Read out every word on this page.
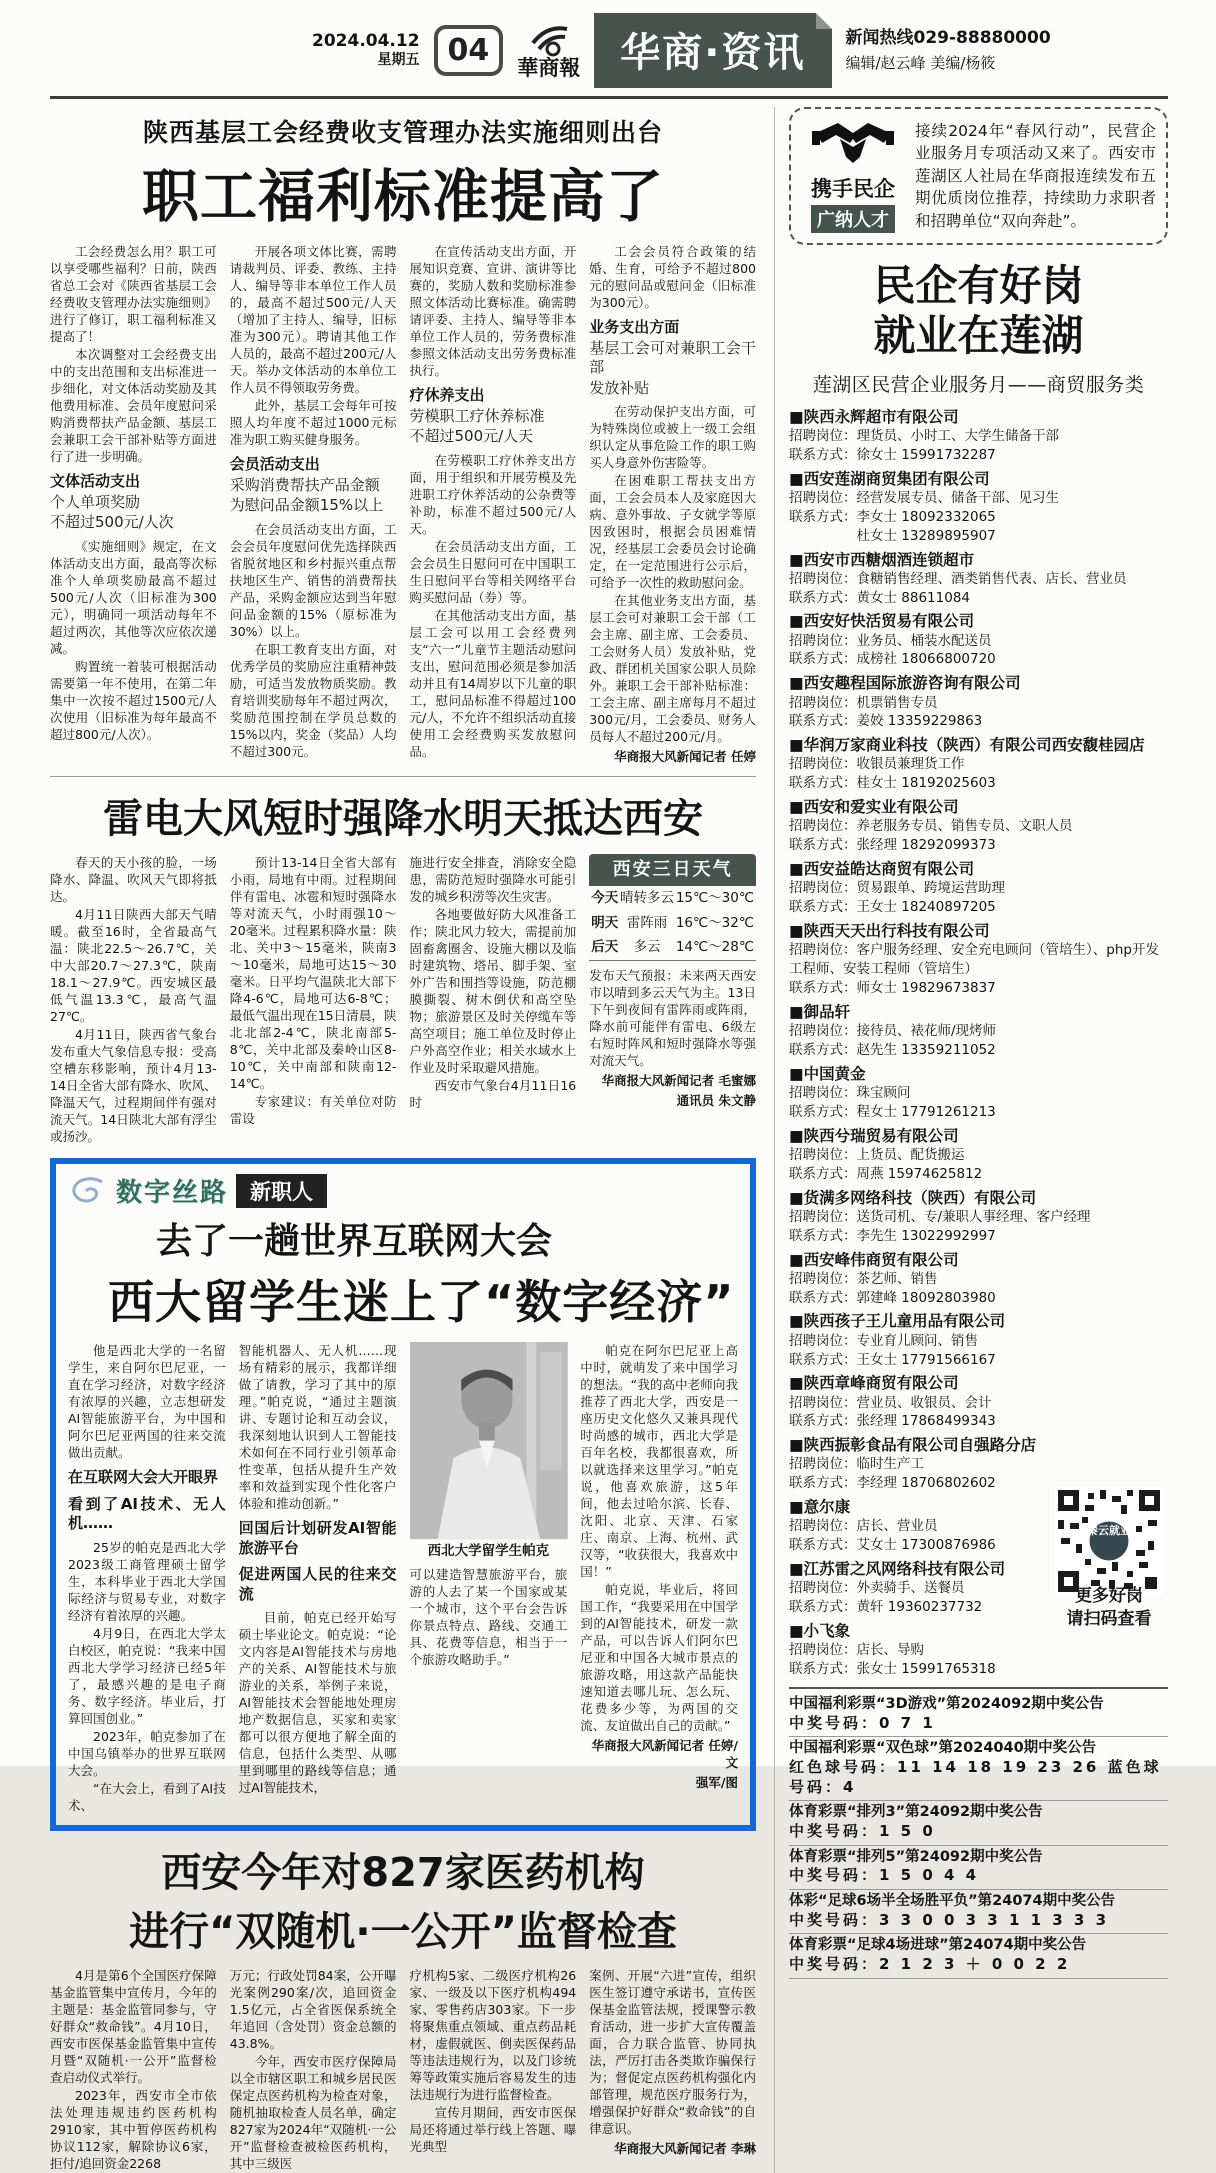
2024.04.12
星期五 04	華商報	华商·资讯	新闻热线029-88880000
编辑/赵云峰 美编/杨筱
陕西基层工会经费收支管理办法实施细则出台
职工福利标准提高了
工会经费怎么用？职工可以享受哪些福利？日前，陕西省总工会对《陕西省基层工会经费收支管理办法实施细则》进行了修订，职工福利标准又提高了！
本次调整对工会经费支出中的支出范围和支出标准进一步细化，对文体活动奖励及其他费用标准、会员年度慰问采购消费帮扶产品金额、基层工会兼职工会干部补贴等方面进行了进一步明确。
文体活动支出
个人单项奖励
不超过500元/人次
《实施细则》规定，在文体活动支出方面，最高等次标准个人单项奖励最高不超过500元/人次（旧标准为300元），明确同一项活动每年不超过两次，其他等次应依次递减。
购置统一着装可根据活动需要第一年不使用，在第二年集中一次按不超过1500元/人次使用（旧标准为每年最高不超过800元/人次）。
开展各项文体比赛，需聘请裁判员、评委、教练、主持人、编导等非本单位工作人员的，最高不超过500元/人天（增加了主持人、编导，旧标准为300元）。聘请其他工作人员的，最高不超过200元/人天。举办文体活动的本单位工作人员不得领取劳务费。
此外，基层工会每年可按照人均年度不超过1000元标准为职工购买健身服务。
会员活动支出
采购消费帮扶产品金额
为慰问品金额15%以上
在会员活动支出方面，工会会员年度慰问优先选择陕西省脱贫地区和乡村振兴重点帮扶地区生产、销售的消费帮扶产品，采购金额应达到当年慰问品金额的15%（原标准为30%）以上。
在职工教育支出方面，对优秀学员的奖励应注重精神鼓励，可适当发放物质奖励。教育培训奖励每年不超过两次，奖励范围控制在学员总数的15%以内，奖金（奖品）人均不超过300元。
在宣传活动支出方面，开展知识竞赛、宣讲、演讲等比赛的，奖励人数和奖励标准参照文体活动比赛标准。确需聘请评委、主持人、编导等非本单位工作人员的，劳务费标准参照文体活动支出劳务费标准执行。
疗休养支出
劳模职工疗休养标准
不超过500元/人天
在劳模职工疗休养支出方面，用于组织和开展劳模及先进职工疗休养活动的公杂费等补助，标准不超过500元/人天。
在会员活动支出方面，工会会员生日慰问可在中国职工生日慰问平台等相关网络平台购买慰问品（券）等。
在其他活动支出方面，基层工会可以用工会经费列支“六一”儿童节主题活动慰问支出，慰问范围必须是参加活动并且有14周岁以下儿童的职工，慰问品标准不得超过100元/人，不允许不组织活动直接使用工会经费购买发放慰问品。
工会会员符合政策的结婚、生育，可给予不超过800元的慰问品或慰问金（旧标准为300元）。
业务支出方面
基层工会可对兼职工会干部
发放补贴
在劳动保护支出方面，可为特殊岗位或被上一级工会组织认定从事危险工作的职工购买人身意外伤害险等。
在困难职工帮扶支出方面，工会会员本人及家庭因大病、意外事故、子女就学等原因致困时，根据会员困难情况，经基层工会委员会讨论确定，在一定范围进行公示后，可给予一次性的救助慰问金。
在其他业务支出方面，基层工会可对兼职工会干部（工会主席、副主席、工会委员、工会财务人员）发放补贴，党政、群团机关国家公职人员除外。兼职工会干部补贴标准：工会主席、副主席每月不超过300元/月，工会委员、财务人员每人不超过200元/月。
华商报大风新闻记者 任婷
雷电大风短时强降水明天抵达西安
春天的天小孩的脸，一场降水、降温、吹风天气即将抵达。
4月11日陕西大部天气晴暖。截至16时，全省最高气温：陕北22.5～26.7℃，关中大部20.7～27.3℃，陕南18.1～27.9℃。西安城区最低气温13.3℃，最高气温27℃。
4月11日，陕西省气象台发布重大气象信息专报：受高空槽东移影响，预计4月13-14日全省大部有降水、吹风、降温天气，过程期间伴有强对流天气。14日陕北大部有浮尘或扬沙。
预计13-14日全省大部有小雨，局地有中雨。过程期间伴有雷电、冰雹和短时强降水等对流天气，小时雨强10～20毫米。过程累积降水量：陕北、关中3～15毫米，陕南3～10毫米，局地可达15～30毫米。日平均气温陕北大部下降4-6℃，局地可达6-8℃；最低气温出现在15日清晨，陕北北部2-4℃，陕北南部5-8℃，关中北部及秦岭山区8-10℃，关中南部和陕南12-14℃。
专家建议：有关单位对防雷设
施进行安全排查，消除安全隐患，需防范短时强降水可能引发的城乡积涝等次生灾害。
各地要做好防大风准备工作；陕北风力较大，需提前加固畜禽圈舍、设施大棚以及临时建筑物、塔吊、脚手架、室外广告和围挡等设施，防范棚膜撕裂、树木倒伏和高空坠物；旅游景区及时关停缆车等高空项目；施工单位及时停止户外高空作业；相关水域水上作业及时采取避风措施。
西安市气象台4月11日16时
西安三日天气
今天 晴转多云 15℃～30℃
明天 雷阵雨 16℃～32℃
后天 多云 14℃～28℃
发布天气预报：未来两天西安市以晴到多云天气为主。13日下午到夜间有雷阵雨或阵雨，降水前可能伴有雷电、6级左右短时阵风和短时强降水等强对流天气。
华商报大风新闻记者 毛蜜娜
通讯员 朱文静
数字丝路	新职人
去了一趟世界互联网大会
西大留学生迷上了“数字经济”
他是西北大学的一名留学生，来自阿尔巴尼亚，一直在学习经济，对数字经济有浓厚的兴趣，立志想研发AI智能旅游平台，为中国和阿尔巴尼亚两国的往来交流做出贡献。
在互联网大会大开眼界
看到了AI技术、无人机……
25岁的帕克是西北大学2023级工商管理硕士留学生，本科毕业于西北大学国际经济与贸易专业，对数字经济有着浓厚的兴趣。
4月9日，在西北大学太白校区，帕克说：“我来中国西北大学学习经济已经5年了，最感兴趣的是电子商务、数字经济。毕业后，打算回国创业。”
2023年，帕克参加了在中国乌镇举办的世界互联网大会。
“在大会上，看到了AI技术、
智能机器人、无人机……现场有精彩的展示，我都详细做了请教，学习了其中的原理。”帕克说，“通过主题演讲、专题讨论和互动会议，我深刻地认识到人工智能技术如何在不同行业引领革命性变革，包括从提升生产效率和效益到实现个性化客户体验和推动创新。”
回国后计划研发AI智能旅游平台
促进两国人民的往来交流
目前，帕克已经开始写硕士毕业论文。帕克说：“论文内容是AI智能技术与房地产的关系、AI智能技术与旅游业的关系，举例子来说，AI智能技术会智能地处理房地产数据信息，买家和卖家都可以很方便地了解全面的信息，包括什么类型、从哪里到哪里的路线等信息；通过AI智能技术，
西北大学留学生帕克
可以建造智慧旅游平台，旅游的人去了某一个国家或某一个城市，这个平台会告诉你景点特点、路线、交通工具、花费等信息，相当于一个旅游攻略助手。”
帕克在阿尔巴尼亚上高中时，就萌发了来中国学习的想法。“我的高中老师向我推荐了西北大学，西安是一座历史文化悠久又兼具现代时尚感的城市，西北大学是百年名校，我都很喜欢，所以就选择来这里学习。”帕克说，他喜欢旅游，这5年间，他去过哈尔滨、长春、沈阳、北京、天津、石家庄、南京、上海、杭州、武汉等，“收获很大，我喜欢中国！”
帕克说，毕业后，将回国工作，“我要采用在中国学到的AI智能技术，研发一款产品，可以告诉人们阿尔巴尼亚和中国各大城市景点的旅游攻略，用这款产品能快速知道去哪儿玩、怎么玩、花费多少等，为两国的交流、友谊做出自己的贡献。”
华商报大风新闻记者 任婷/文
强军/图
西安今年对827家医药机构
进行“双随机·一公开”监督检查
4月是第6个全国医疗保障基金监管集中宣传月，今年的主题是：基金监管同参与，守好群众“救命钱”。4月10日，西安市医保基金监管集中宣传月暨“双随机·一公开”监督检查启动仪式举行。
2023年，西安市全市依法处理违规违约医药机构2910家，其中暂停医药机构协议112家，解除协议6家，拒付/追回资金2268
万元；行政处罚84案，公开曝光案例290案/次，追回资金1.5亿元，占全省医保系统全年追回（含处罚）资金总额的43.8%。
今年，西安市医疗保障局以全市辖区职工和城乡居民医保定点医药机构为检查对象，随机抽取检查人员名单，确定827家为2024年“双随机·一公开”监督检查被检医药机构，其中三级医
疗机构5家、二级医疗机构26家、一级及以下医疗机构494家、零售药店303家。下一步将聚焦重点领域、重点药品耗材，虚假就医、倒卖医保药品等违法违规行为，以及门诊统筹等政策实施后容易发生的违法违规行为进行监督检查。
宣传月期间，西安市医保局还将通过举行线上答题、曝光典型
案例、开展“六进”宣传，组织医生签订遵守承诺书，宣传医保基金监管法规，授课警示教育活动，进一步扩大宣传覆盖面，合力联合监管、协同执法，严厉打击各类欺诈骗保行为；督促定点医药机构强化内部管理，规范医疗服务行为，增强保护好群众“救命钱”的自律意识。
华商报大风新闻记者 李琳
携手民企
广纳人才
接续2024年“春风行动”，民营企业服务月专项活动又来了。西安市莲湖区人社局在华商报连续发布五期优质岗位推荐，持续助力求职者和招聘单位“双向奔赴”。
民企有好岗
就业在莲湖
莲湖区民营企业服务月——商贸服务类
■陕西永辉超市有限公司
招聘岗位：理货员、小时工、大学生储备干部
联系方式：徐女士 15991732287
■西安莲湖商贸集团有限公司
招聘岗位：经营发展专员、储备干部、见习生
联系方式：李女士 18092332065
　　　　　杜女士 13289895907
■西安市西糖烟酒连锁超市
招聘岗位：食糖销售经理、酒类销售代表、店长、营业员
联系方式：黄女士 88611084
■西安好快活贸易有限公司
招聘岗位：业务员、桶装水配送员
联系方式：成榜社 18066800720
■西安趣程国际旅游咨询有限公司
招聘岗位：机票销售专员
联系方式：姜姣 13359229863
■华润万家商业科技（陕西）有限公司西安馥桂园店
招聘岗位：收银员兼理货工作
联系方式：桂女士 18192025603
■西安和爱实业有限公司
招聘岗位：养老服务专员、销售专员、文职人员
联系方式：张经理 18292099373
■西安益皓达商贸有限公司
招聘岗位：贸易跟单、跨境运营助理
联系方式：王女士 18240897205
■陕西天天出行科技有限公司
招聘岗位：客户服务经理、安全充电顾问（管培生）、php开发工程师、安装工程师（管培生）
联系方式：师女士 19829673837
■御品轩
招聘岗位：接待员、裱花师/现烤师
联系方式：赵先生 13359211052
■中国黄金
招聘岗位：珠宝顾问
联系方式：程女士 17791261213
■陕西兮瑞贸易有限公司
招聘岗位：上货员、配货搬运
联系方式：周燕 15974625812
■货满多网络科技（陕西）有限公司
招聘岗位：送货司机、专/兼职人事经理、客户经理
联系方式：李先生 13022992997
■西安峰伟商贸有限公司
招聘岗位：茶艺师、销售
联系方式：郭建峰 18092803980
■陕西孩子王儿童用品有限公司
招聘岗位：专业育儿顾问、销售
联系方式：王女士 17791566167
■陕西章峰商贸有限公司
招聘岗位：营业员、收银员、会计
联系方式：张经理 17868499343
■陕西振彰食品有限公司自强路分店
招聘岗位：临时生产工
联系方式：李经理 18706802602
■意尔康
招聘岗位：店长、营业员
联系方式：艾女士 17300876986
■江苏雷之风网络科技有限公司
招聘岗位：外卖骑手、送餐员
联系方式：黄轩 19360237732
■小飞象
招聘岗位：店长、导购
联系方式：张女士 15991765318
秦云就业
更多好岗
请扫码查看
中国福利彩票“3D游戏”第2024092期中奖公告
中奖号码：0 7 1
中国福利彩票“双色球”第2024040期中奖公告
红色球号码：11 14 18 19 23 26 蓝色球号码：4
体育彩票“排列3”第24092期中奖公告
中奖号码：1 5 0
体育彩票“排列5”第24092期中奖公告
中奖号码：1 5 0 4 4
体彩“足球6场半全场胜平负”第24074期中奖公告
中奖号码：3 3 0 0 3 3 1 1 3 3 3
体育彩票“足球4场进球”第24074期中奖公告
中奖号码：2 1 2 3 ＋ 0 0 2 2
